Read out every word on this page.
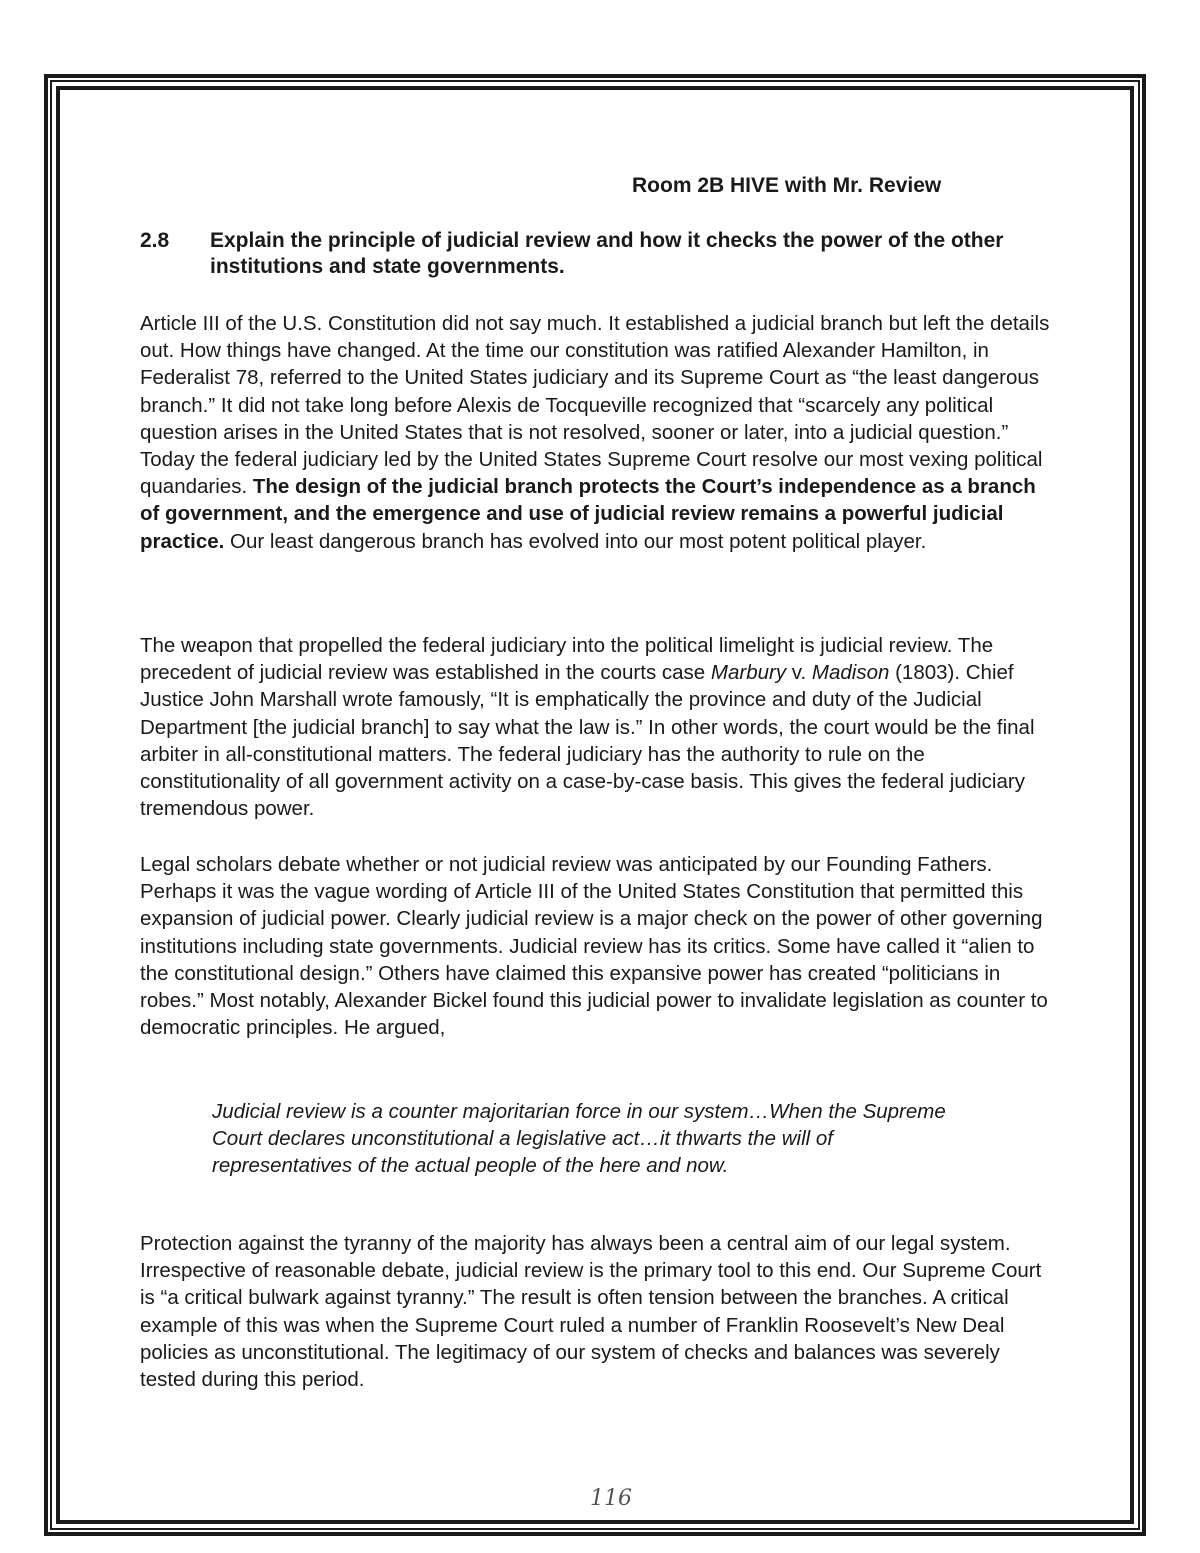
Room 2B HIVE with Mr. Review
2.8 Explain the principle of judicial review and how it checks the power of the other institutions and state governments.

Article III of the U.S. Constitution did not say much. It established a judicial branch but left the details out. How things have changed. At the time our constitution was ratified Alexander Hamilton, in Federalist 78, referred to the United States judiciary and its Supreme Court as “the least dangerous branch.” It did not take long before Alexis de Tocqueville recognized that “scarcely any political question arises in the United States that is not resolved, sooner or later, into a judicial question.” Today the federal judiciary led by the United States Supreme Court resolve our most vexing political quandaries. The design of the judicial branch protects the Court’s independence as a branch of government, and the emergence and use of judicial review remains a powerful judicial practice. Our least dangerous branch has evolved into our most potent political player.

The weapon that propelled the federal judiciary into the political limelight is judicial review. The precedent of judicial review was established in the courts case Marbury v. Madison (1803). Chief Justice John Marshall wrote famously, “It is emphatically the province and duty of the Judicial Department [the judicial branch] to say what the law is.” In other words, the court would be the final arbiter in all-constitutional matters. The federal judiciary has the authority to rule on the constitutionality of all government activity on a case-by-case basis. This gives the federal judiciary tremendous power.

Legal scholars debate whether or not judicial review was anticipated by our Founding Fathers. Perhaps it was the vague wording of Article III of the United States Constitution that permitted this expansion of judicial power. Clearly judicial review is a major check on the power of other governing institutions including state governments. Judicial review has its critics. Some have called it “alien to the constitutional design.” Others have claimed this expansive power has created “politicians in robes.” Most notably, Alexander Bickel found this judicial power to invalidate legislation as counter to democratic principles. He argued,

Judicial review is a counter majoritarian force in our system…When the Supreme Court declares unconstitutional a legislative act…it thwarts the will of representatives of the actual people of the here and now.

Protection against the tyranny of the majority has always been a central aim of our legal system. Irrespective of reasonable debate, judicial review is the primary tool to this end. Our Supreme Court is “a critical bulwark against tyranny.” The result is often tension between the branches. A critical example of this was when the Supreme Court ruled a number of Franklin Roosevelt’s New Deal policies as unconstitutional. The legitimacy of our system of checks and balances was severely tested during this period.

116
